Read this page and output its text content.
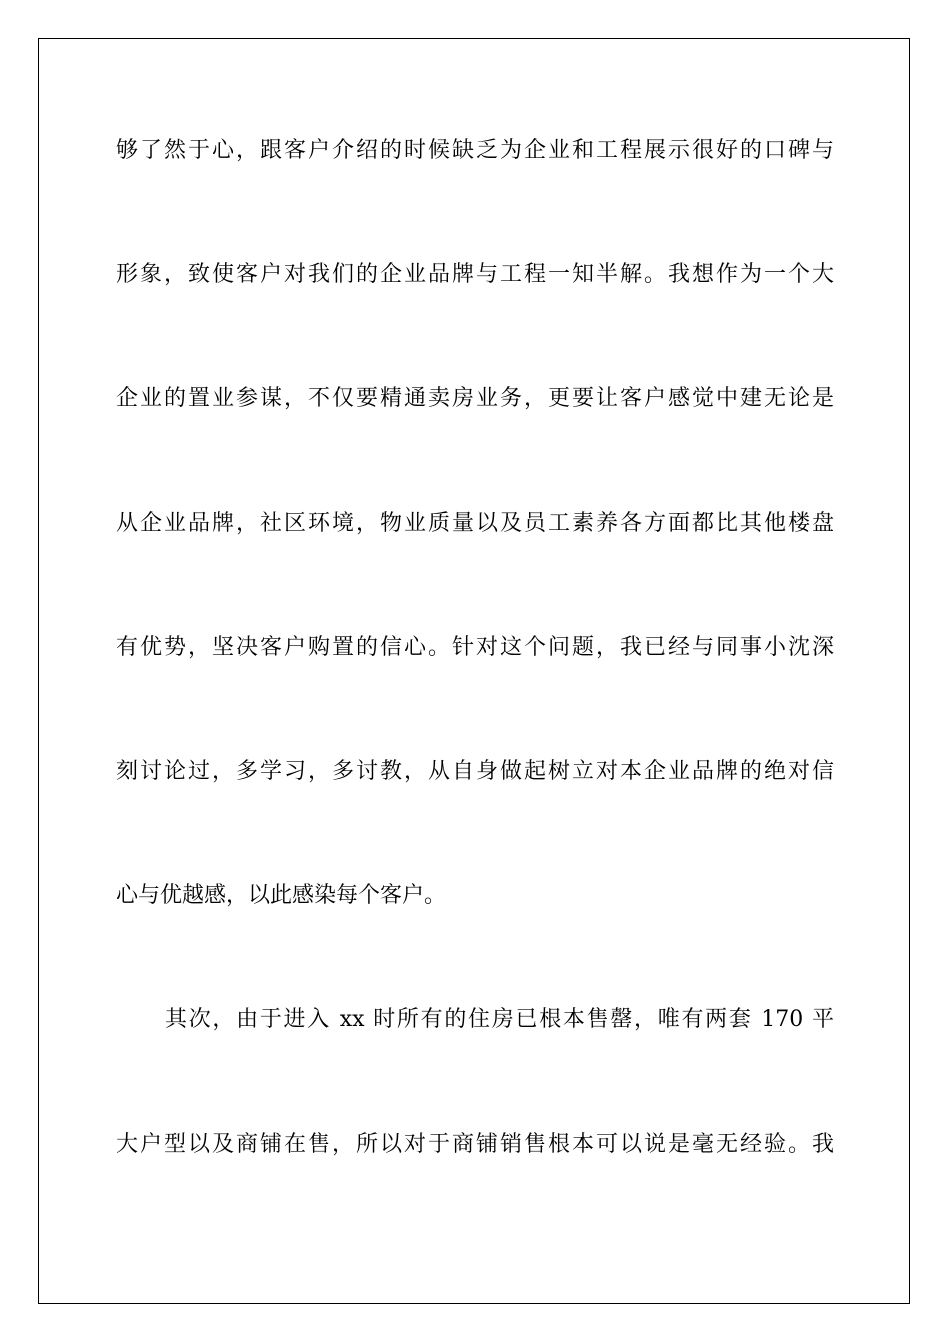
够了然于心，跟客户介绍的时候缺乏为企业和工程展示很好的口碑与
形象，致使客户对我们的企业品牌与工程一知半解。我想作为一个大
企业的置业参谋，不仅要精通卖房业务，更要让客户感觉中建无论是
从企业品牌，社区环境，物业质量以及员工素养各方面都比其他楼盘
有优势，坚决客户购置的信心。针对这个问题，我已经与同事小沈深
刻讨论过，多学习，多讨教，从自身做起树立对本企业品牌的绝对信
心与优越感，以此感染每个客户。
其次，由于进入 xx 时所有的住房已根本售罄，唯有两套 170 平
大户型以及商铺在售，所以对于商铺销售根本可以说是毫无经验。我
